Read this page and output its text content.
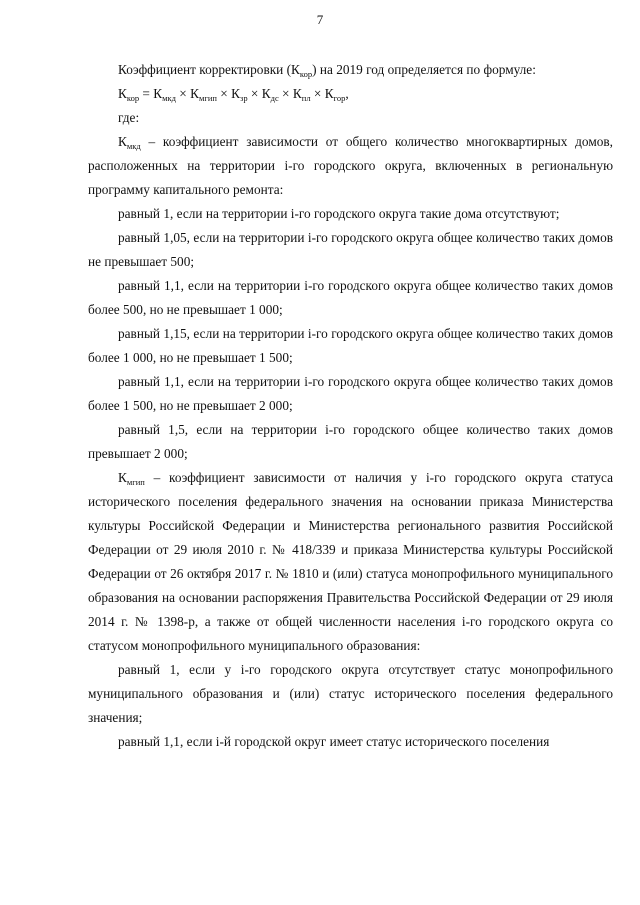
7

Коэффициент корректировки $(К_{кор})$ на 2019 год определяется по формуле:

$К_{кор} = К_{мкд} \times К_{мгип} \times К_{зр} \times К_{дс} \times К_{пл} \times К_{гор}$,

где:

$К_{мкд}$ – коэффициент зависимости от общего количество многоквартирных домов, расположенных на территории i-го городского округа, включенных в региональную программу капитального ремонта:

равный 1, если на территории i-го городского округа такие дома отсутствуют;

равный 1,05, если на территории i-го городского округа общее количество таких домов не превышает 500;

равный 1,1, если на территории i-го городского округа общее количество таких домов более 500, но не превышает 1 000;

равный 1,15, если на территории i-го городского округа общее количество таких домов более 1 000, но не превышает 1 500;

равный 1,1, если на территории i-го городского округа общее количество таких домов более 1 500, но не превышает 2 000;

равный 1,5, если на территории i-го городского общее количество таких домов превышает 2 000;

$К_{мгип}$ – коэффициент зависимости от наличия у i-го городского округа статуса исторического поселения федерального значения на основании приказа Министерства культуры Российской Федерации и Министерства регионального развития Российской Федерации от 29 июля 2010 г. № 418/339 и приказа Министерства культуры Российской Федерации от 26 октября 2017 г. № 1810 и (или) статуса монопрофильного муниципального образования на основании распоряжения Правительства Российской Федерации от 29 июля 2014 г. № 1398-р, а также от общей численности населения i-го городского округа со статусом монопрофильного муниципального образования:

равный 1, если у i-го городского округа отсутствует статус монопрофильного муниципального образования и (или) статус исторического поселения федерального значения;

равный 1,1, если i-й городской округ имеет статус исторического поселения
